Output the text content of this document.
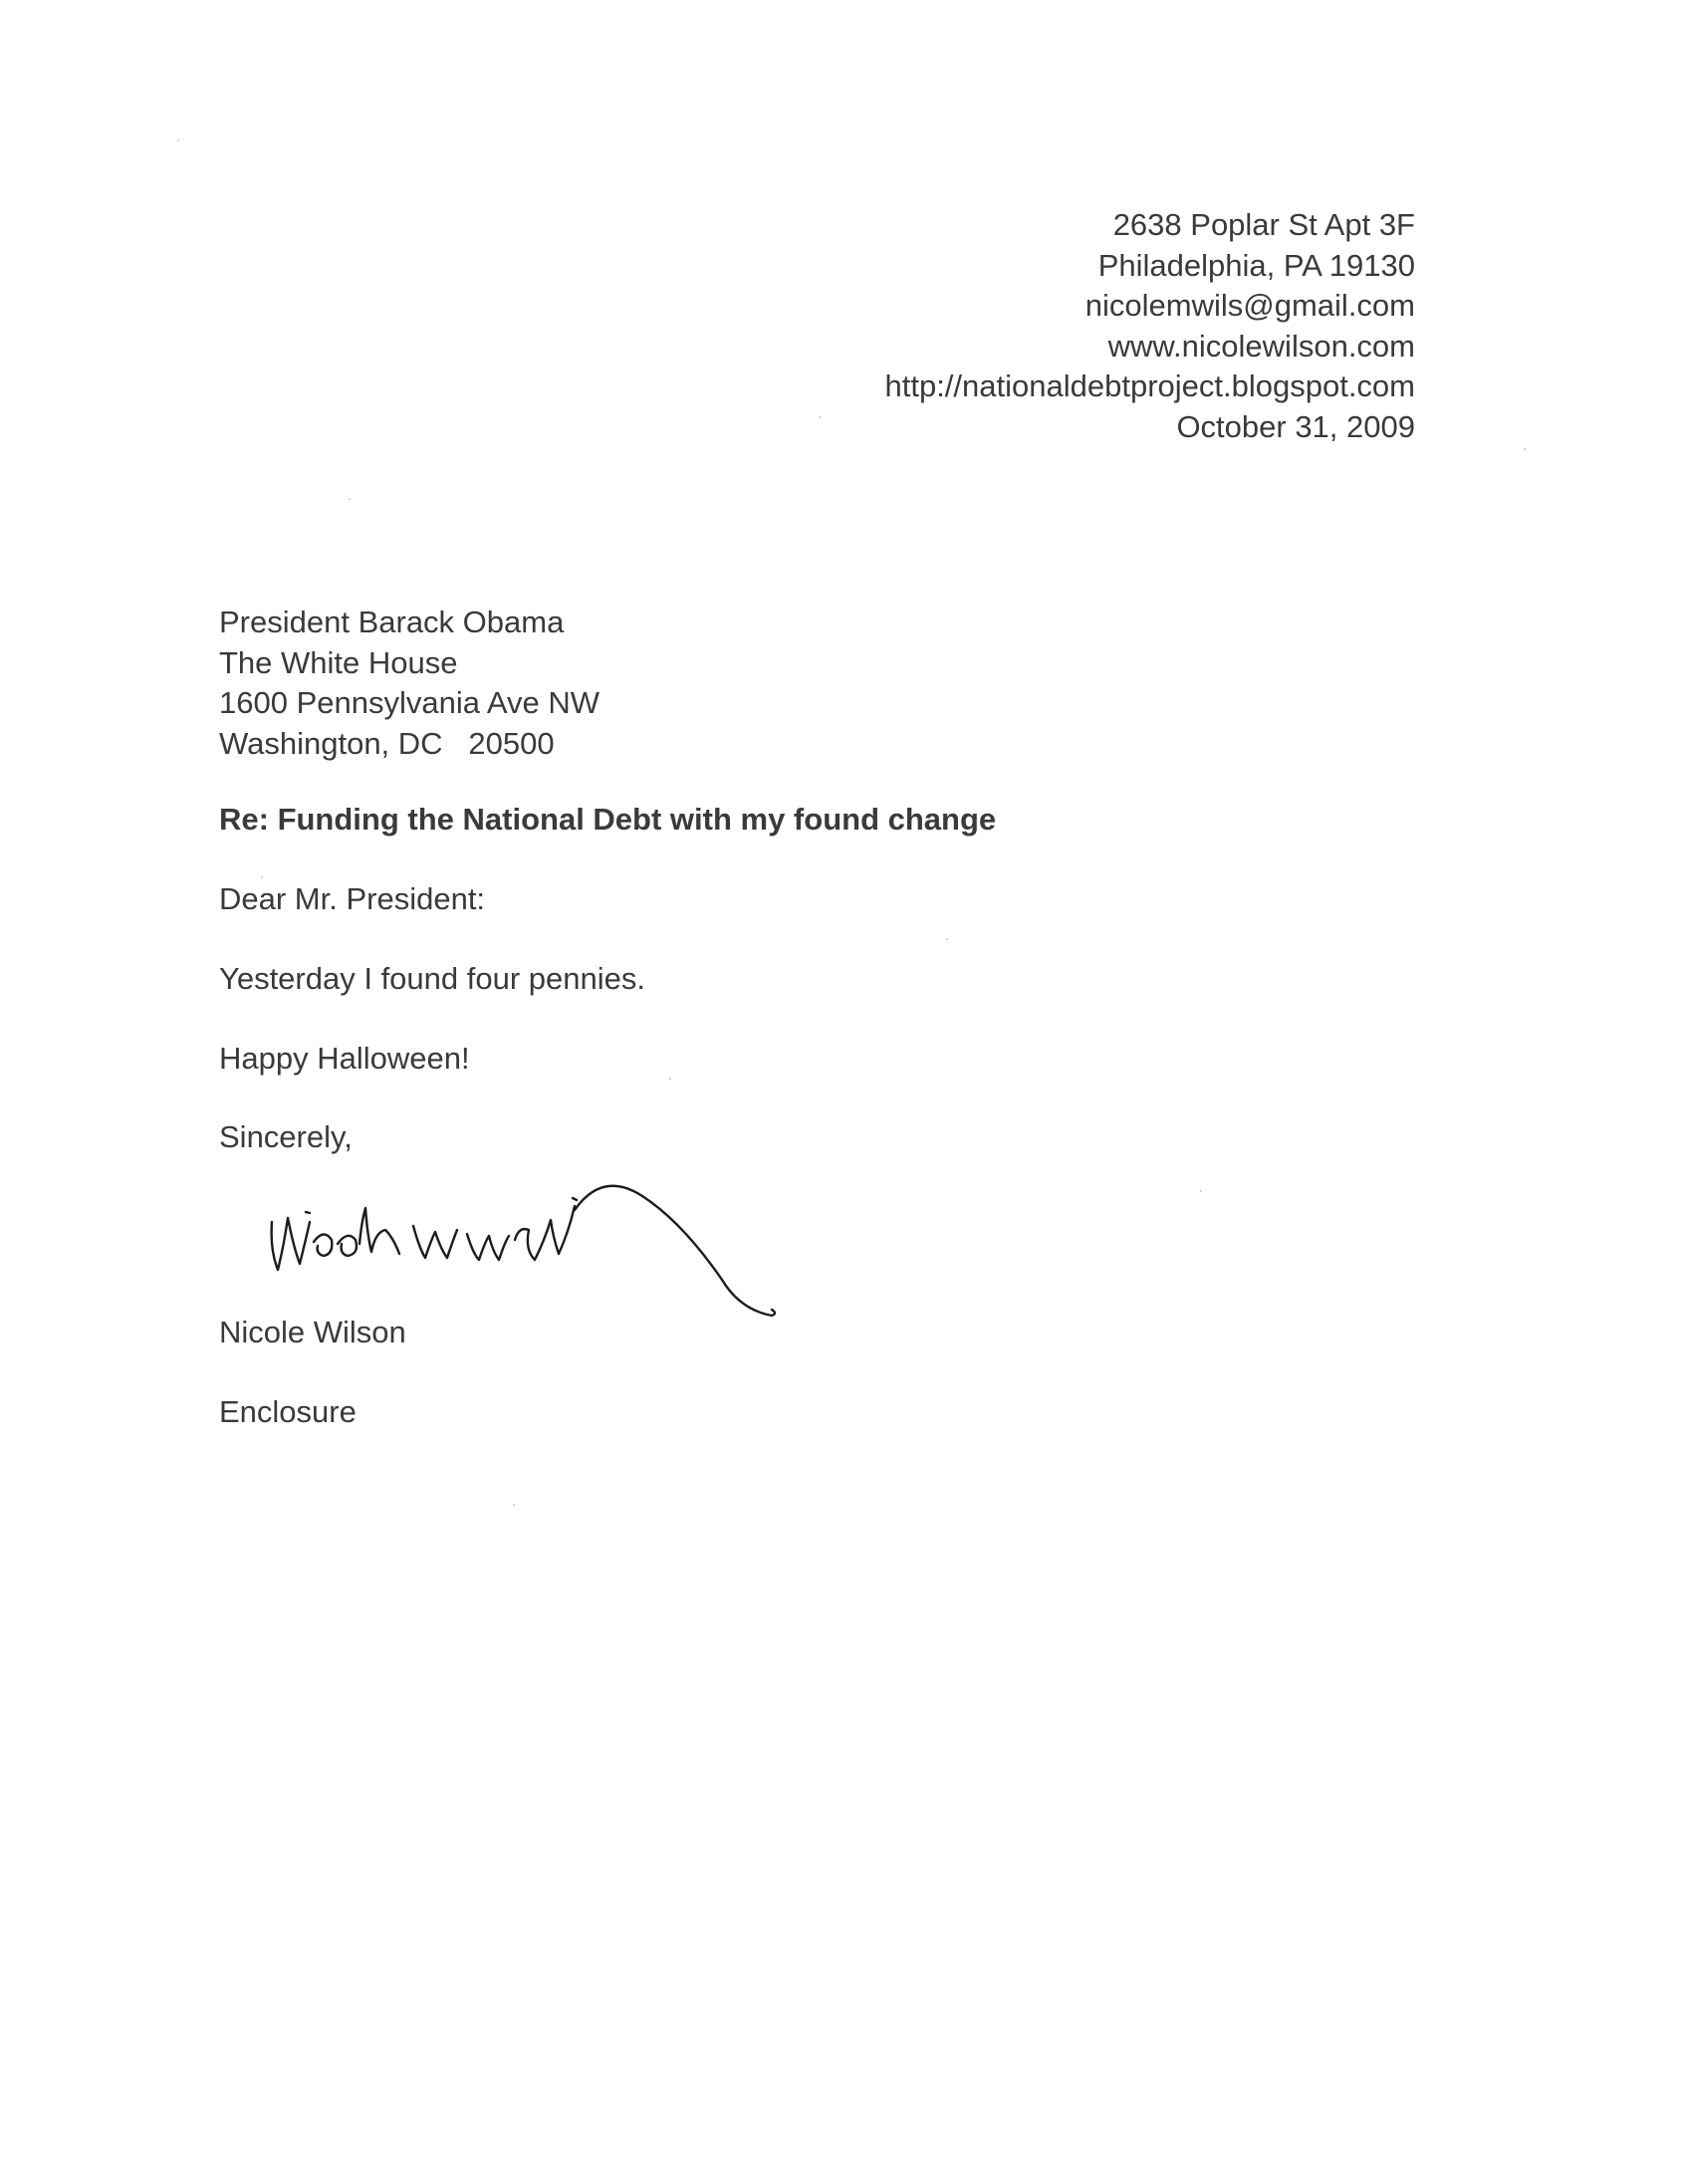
2638 Poplar St Apt 3F
Philadelphia, PA 19130
nicolemwils@gmail.com
www.nicolewilson.com
http://nationaldebtproject.blogspot.com
October 31, 2009
President Barack Obama
The White House
1600 Pennsylvania Ave NW
Washington, DC   20500
Re: Funding the National Debt with my found change
Dear Mr. President:
Yesterday I found four pennies.
Happy Halloween!
Sincerely,
Nicole Wilson
Enclosure
